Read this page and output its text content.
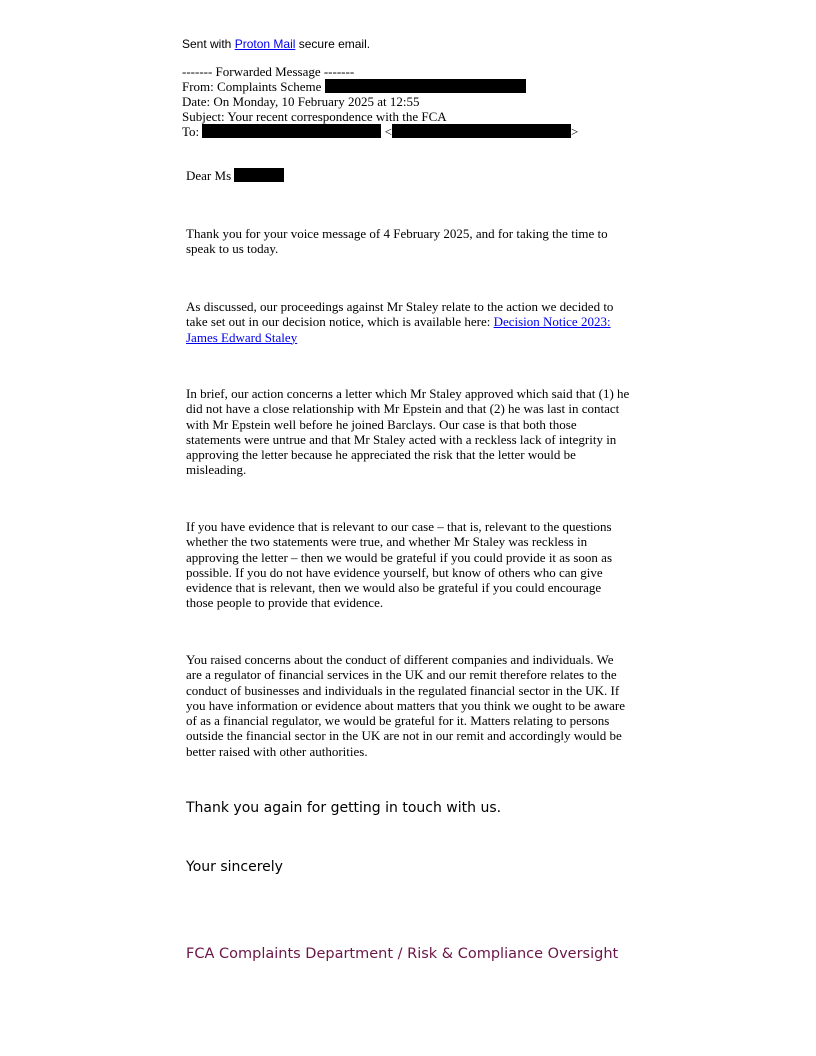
Sent with Proton Mail secure email.
------- Forwarded Message -------
From: Complaints Scheme
Date: On Monday, 10 February 2025 at 12:55
Subject: Your recent correspondence with the FCA
To:	<	>
Dear Ms
Thank you for your voice message of 4 February 2025, and for taking the time to speak to us today.
As discussed, our proceedings against Mr Staley relate to the action we decided to take set out in our decision notice, which is available here: Decision Notice 2023: James Edward Staley
In brief, our action concerns a letter which Mr Staley approved which said that (1) he did not have a close relationship with Mr Epstein and that (2) he was last in contact with Mr Epstein well before he joined Barclays. Our case is that both those statements were untrue and that Mr Staley acted with a reckless lack of integrity in approving the letter because he appreciated the risk that the letter would be misleading.
If you have evidence that is relevant to our case – that is, relevant to the questions whether the two statements were true, and whether Mr Staley was reckless in approving the letter – then we would be grateful if you could provide it as soon as possible. If you do not have evidence yourself, but know of others who can give evidence that is relevant, then we would also be grateful if you could encourage those people to provide that evidence.
You raised concerns about the conduct of different companies and individuals. We are a regulator of financial services in the UK and our remit therefore relates to the conduct of businesses and individuals in the regulated financial sector in the UK. If you have information or evidence about matters that you think we ought to be aware of as a financial regulator, we would be grateful for it. Matters relating to persons outside the financial sector in the UK are not in our remit and accordingly would be better raised with other authorities.
Thank you again for getting in touch with us.
Your sincerely
FCA Complaints Department / Risk & Compliance Oversight
